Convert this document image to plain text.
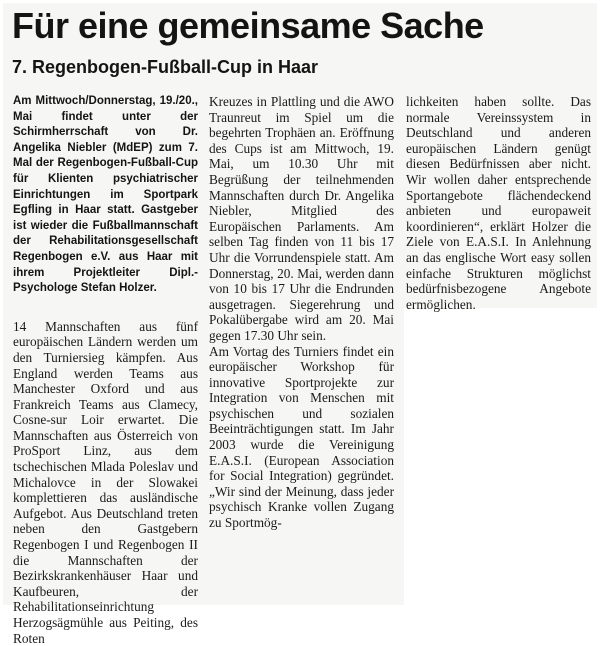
Für eine gemeinsame Sache
7. Regenbogen-Fußball-Cup in Haar

Am Mittwoch/Donnerstag, 19./20., Mai findet unter der Schirmherrschaft von Dr. Angelika Niebler (MdEP) zum 7. Mal der Regenbogen-Fußball-Cup für Klienten psychiatrischer Einrichtungen im Sportpark Egfling in Haar statt. Gastgeber ist wieder die Fußballmannschaft der Rehabilitationsgesellschaft Regenbogen e.V. aus Haar mit ihrem Projektleiter Dipl.-Psychologe Stefan Holzer.

14 Mannschaften aus fünf europäischen Ländern werden um den Turniersieg kämpfen. Aus England werden Teams aus Manchester Oxford und aus Frankreich Teams aus Clamecy, Cosne-sur Loir erwartet. Die Mannschaften aus Österreich von ProSport Linz, aus dem tschechischen Mlada Poleslav und Michalovce in der Slowakei komplettieren das ausländische Aufgebot. Aus Deutschland treten neben den Gastgebern Regenbogen I und Regenbogen II die Mannschaften der Bezirkskrankenhäuser Haar und Kaufbeuren, der Rehabilitationseinrichtung Herzogsägmühle aus Peiting, des Roten

Kreuzes in Plattling und die AWO Traunreut im Spiel um die begehrten Trophäen an. Eröffnung des Cups ist am Mittwoch, 19. Mai, um 10.30 Uhr mit Begrüßung der teilnehmenden Mannschaften durch Dr. Angelika Niebler, Mitglied des Europäischen Parlaments. Am selben Tag finden von 11 bis 17 Uhr die Vorrundenspiele statt. Am Donnerstag, 20. Mai, werden dann von 10 bis 17 Uhr die Endrunden ausgetragen. Siegerehrung und Pokalübergabe wird am 20. Mai gegen 17.30 Uhr sein.

Am Vortag des Turniers findet ein europäischer Workshop für innovative Sportprojekte zur Integration von Menschen mit psychischen und sozialen Beeinträchtigungen statt. Im Jahr 2003 wurde die Vereinigung E.A.S.I. (European Association for Social Integration) gegründet. „Wir sind der Meinung, dass jeder psychisch Kranke vollen Zugang zu Sportmög-

lichkeiten haben sollte. Das normale Vereinssystem in Deutschland und anderen europäischen Ländern genügt diesen Bedürfnissen aber nicht. Wir wollen daher entsprechende Sportangebote flächendeckend anbieten und europaweit koordinieren“, erklärt Holzer die Ziele von E.A.S.I. In Anlehnung an das englische Wort easy sollen einfache Strukturen möglichst bedürfnisbezogene Angebote ermöglichen.
